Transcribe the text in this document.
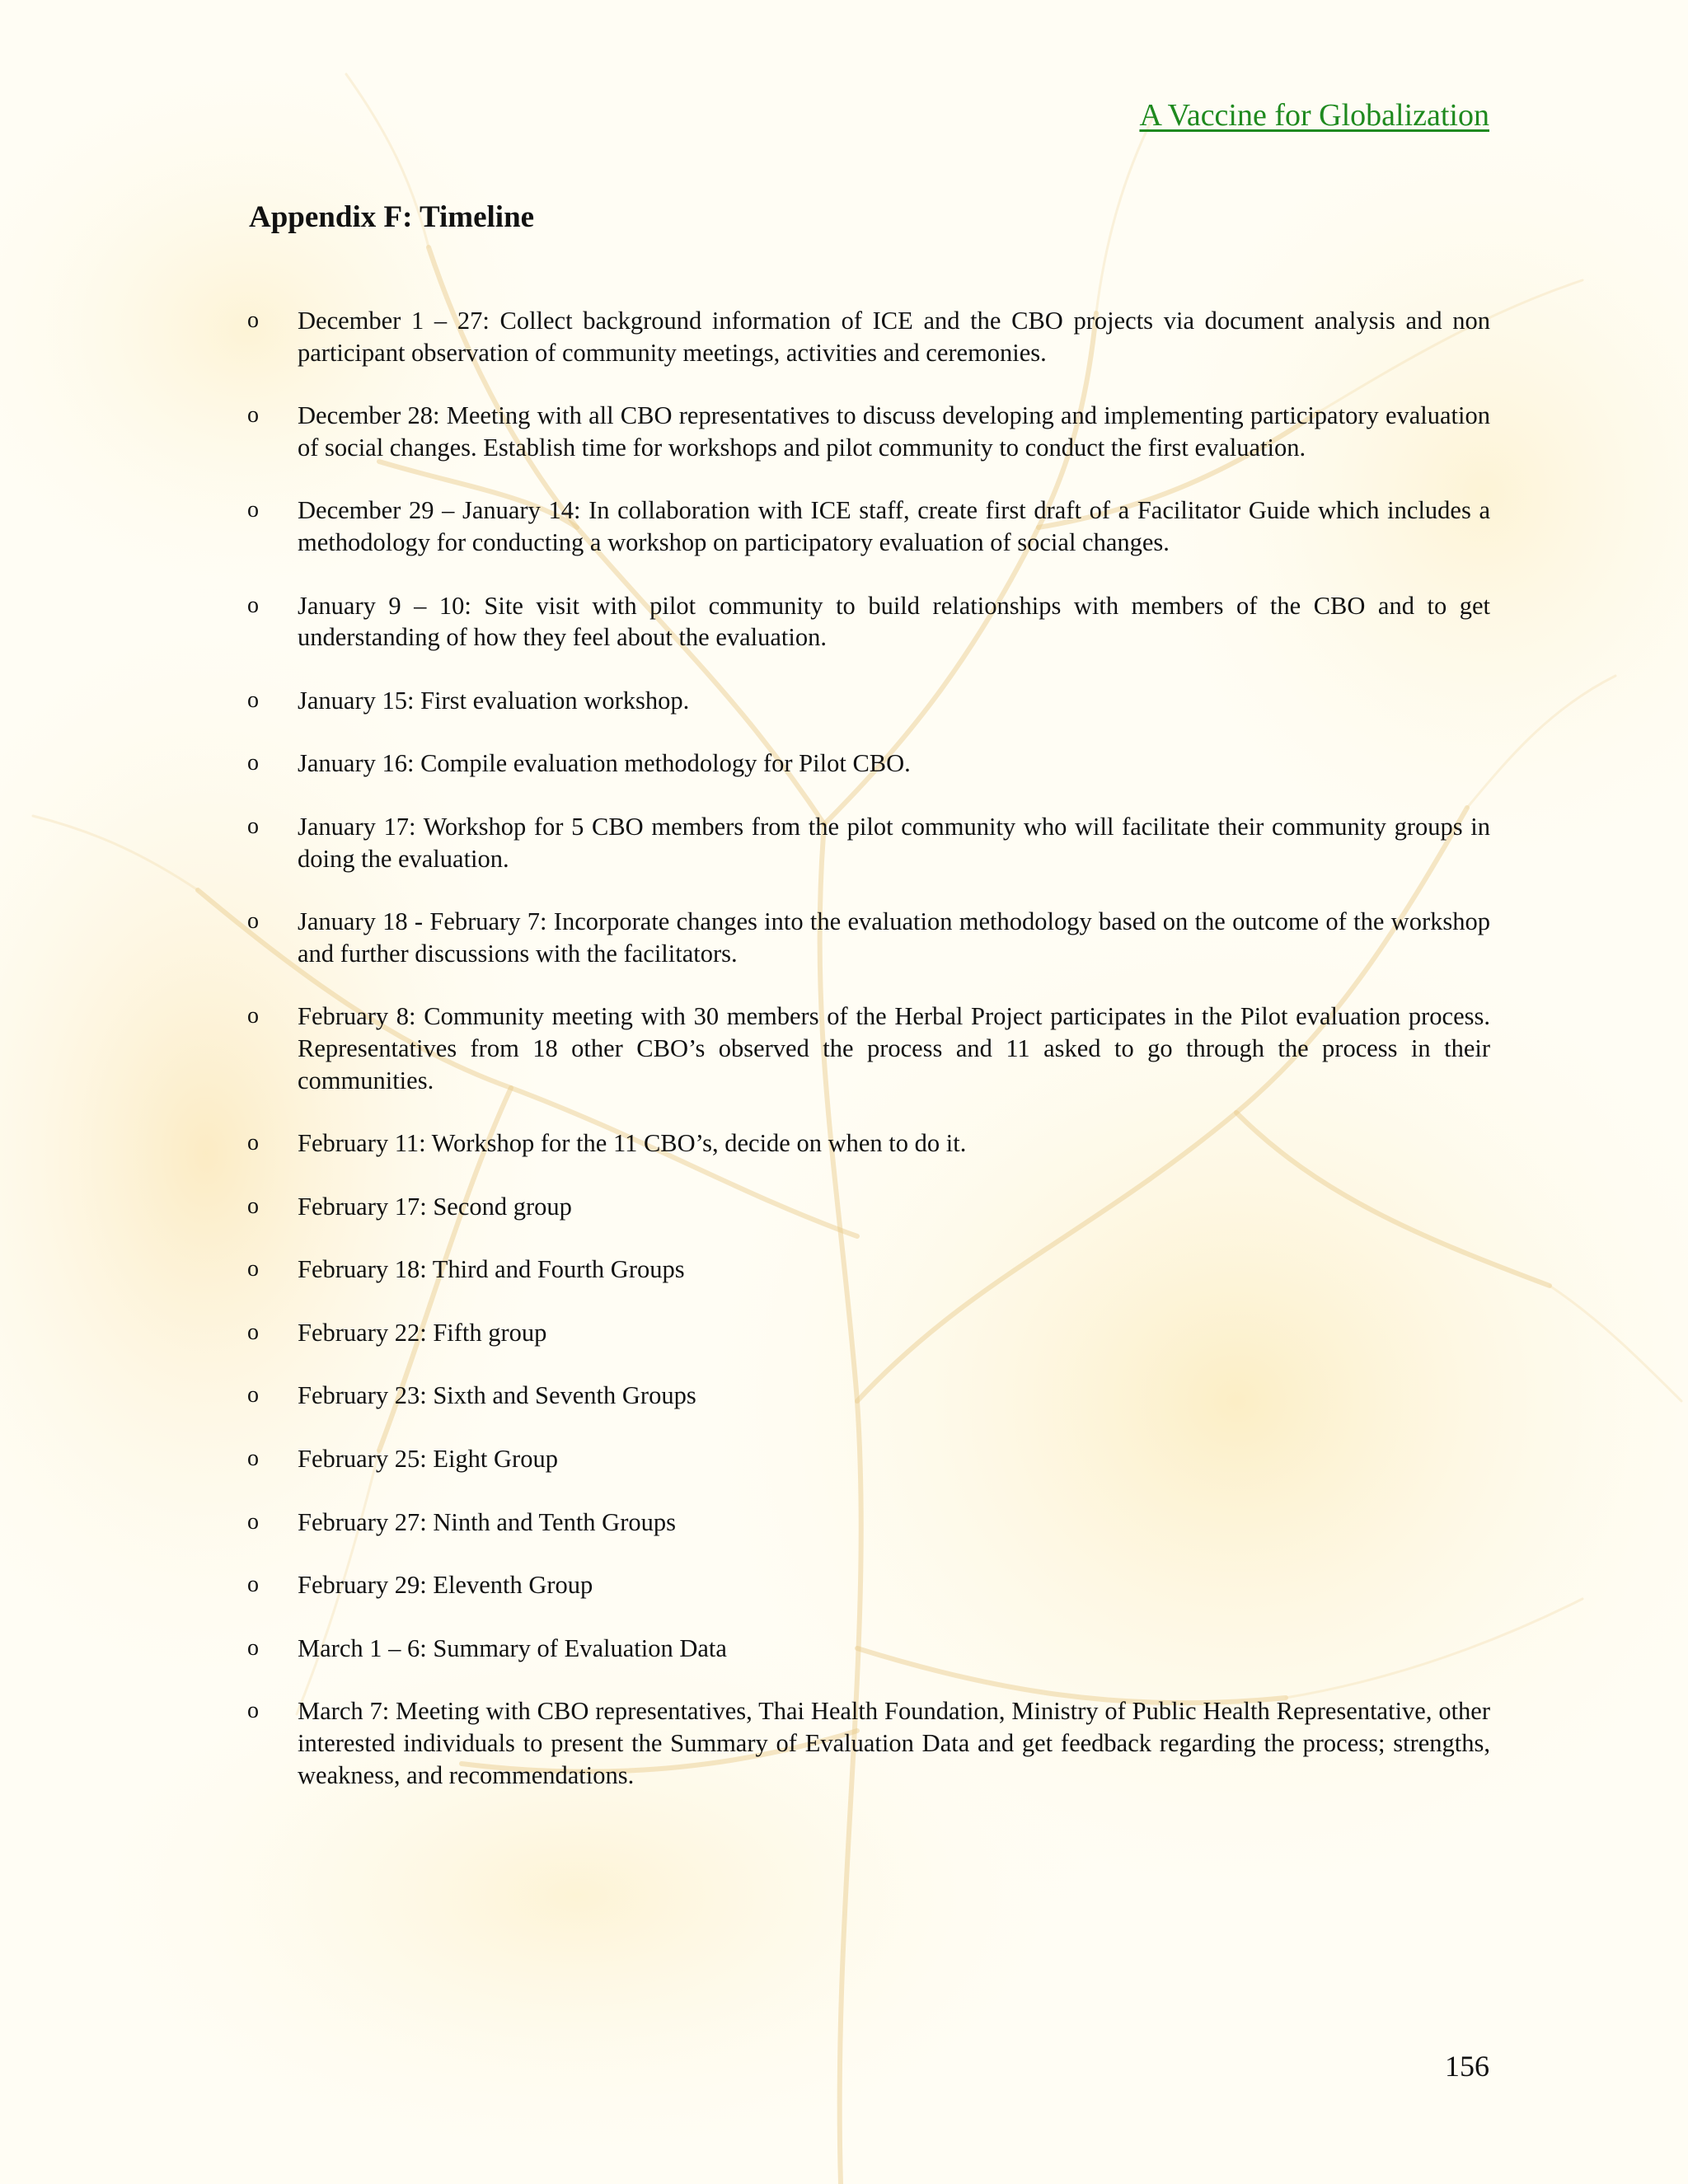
A Vaccine for Globalization
Appendix F: Timeline
o December 1 – 27: Collect background information of ICE and the CBO projects via document analysis and non participant observation of community meetings, activities and ceremonies.
o December 28: Meeting with all CBO representatives to discuss developing and implementing participatory evaluation of social changes. Establish time for workshops and pilot community to conduct the first evaluation.
o December 29 – January 14: In collaboration with ICE staff, create first draft of a Facilitator Guide which includes a methodology for conducting a workshop on participatory evaluation of social changes.
o January 9 – 10: Site visit with pilot community to build relationships with members of the CBO and to get understanding of how they feel about the evaluation.
o January 15: First evaluation workshop.
o January 16: Compile evaluation methodology for Pilot CBO.
o January 17: Workshop for 5 CBO members from the pilot community who will facilitate their community groups in doing the evaluation.
o January 18 - February 7: Incorporate changes into the evaluation methodology based on the outcome of the workshop and further discussions with the facilitators.
o February 8: Community meeting with 30 members of the Herbal Project participates in the Pilot evaluation process. Representatives from 18 other CBO’s observed the process and 11 asked to go through the process in their communities.
o February 11: Workshop for the 11 CBO’s, decide on when to do it.
o February 17: Second group
o February 18: Third and Fourth Groups
o February 22: Fifth group
o February 23: Sixth and Seventh Groups
o February 25: Eight Group
o February 27: Ninth and Tenth Groups
o February 29: Eleventh Group
o March 1 – 6: Summary of Evaluation Data
o March 7: Meeting with CBO representatives, Thai Health Foundation, Ministry of Public Health Representative, other interested individuals to present the Summary of Evaluation Data and get feedback regarding the process; strengths, weakness, and recommendations.
156
